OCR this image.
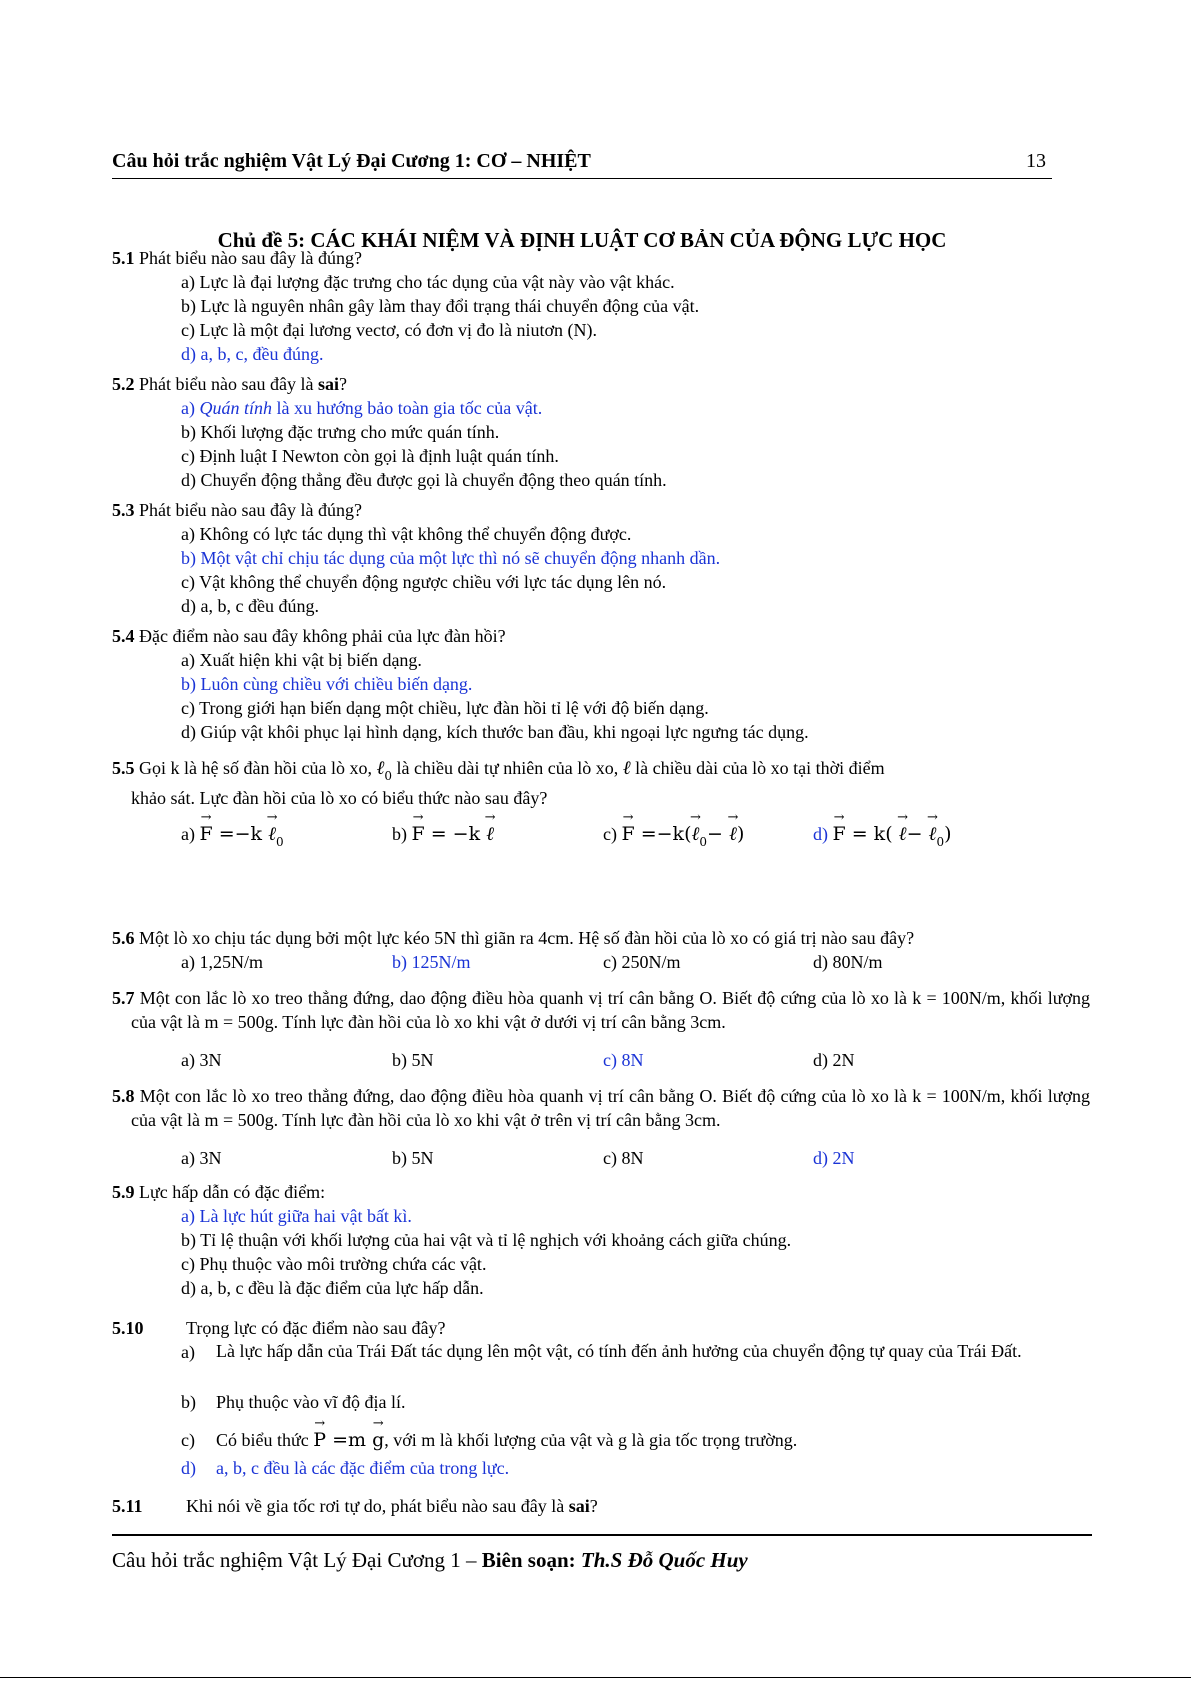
Câu hỏi trắc nghiệm Vật Lý Đại Cương 1: CƠ – NHIỆT	13
Chủ đề 5: CÁC KHÁI NIỆM VÀ ĐỊNH LUẬT CƠ BẢN CỦA ĐỘNG LỰC HỌC
5.1 Phát biểu nào sau đây là đúng?
a) Lực là đại lượng đặc trưng cho tác dụng của vật này vào vật khác.
b) Lực là nguyên nhân gây làm thay đổi trạng thái chuyển động của vật.
c) Lực là một đại lương vectơ, có đơn vị đo là niutơn (N).
d) a, b, c, đều đúng.
5.2 Phát biểu nào sau đây là sai?
a) Quán tính là xu hướng bảo toàn gia tốc của vật.
b) Khối lượng đặc trưng cho mức quán tính.
c) Định luật I Newton còn gọi là định luật quán tính.
d) Chuyển động thẳng đều được gọi là chuyển động theo quán tính.
5.3 Phát biểu nào sau đây là đúng?
a) Không có lực tác dụng thì vật không thể chuyển động được.
b) Một vật chỉ chịu tác dụng của một lực thì nó sẽ chuyển động nhanh dần.
c) Vật không thể chuyển động ngược chiều với lực tác dụng lên nó.
d) a, b, c đều đúng.
5.4 Đặc điểm nào sau đây không phải của lực đàn hồi?
a) Xuất hiện khi vật bị biến dạng.
b) Luôn cùng chiều với chiều biến dạng.
c) Trong giới hạn biến dạng một chiều, lực đàn hồi tỉ lệ với độ biến dạng.
d) Giúp vật khôi phục lại hình dạng, kích thước ban đầu, khi ngoại lực ngưng tác dụng.
5.5 Gọi k là hệ số đàn hồi của lò xo, ℓ$_0$ là chiều dài tự nhiên của lò xo, ℓ là chiều dài của lò xo tại thời điểm
khảo sát. Lực đàn hồi của lò xo có biểu thức nào sau đây?
a) → F =−k → ℓ$_0$	b) → F = −k → ℓ	c) → F =−k(→ ℓ$_0$− → ℓ)	d) → F = k( → ℓ− → ℓ$_0$)
5.6 Một lò xo chịu tác dụng bởi một lực kéo 5N thì giãn ra 4cm. Hệ số đàn hồi của lò xo có giá trị nào sau đây?
a) 1,25N/m	b) 125N/m	c) 250N/m	d) 80N/m
5.7 Một con lắc lò xo treo thẳng đứng, dao động điều hòa quanh vị trí cân bằng O. Biết độ cứng của lò xo là k = 100N/m, khối lượng của vật là m = 500g. Tính lực đàn hồi của lò xo khi vật ở dưới vị trí cân bằng 3cm.
a) 3N	b) 5N	c) 8N	d) 2N
5.8 Một con lắc lò xo treo thẳng đứng, dao động điều hòa quanh vị trí cân bằng O. Biết độ cứng của lò xo là k = 100N/m, khối lượng của vật là m = 500g. Tính lực đàn hồi của lò xo khi vật ở trên vị trí cân bằng 3cm.
a) 3N	b) 5N	c) 8N	d) 2N
5.9 Lực hấp dẫn có đặc điểm:
a) Là lực hút giữa hai vật bất kì.
b) Tỉ lệ thuận với khối lượng của hai vật và tỉ lệ nghịch với khoảng cách giữa chúng.
c) Phụ thuộc vào môi trường chứa các vật.
d) a, b, c đều là đặc điểm của lực hấp dẫn.
5.10 Trọng lực có đặc điểm nào sau đây?
a) Là lực hấp dẫn của Trái Đất tác dụng lên một vật, có tính đến ảnh hưởng của chuyển động tự quay của Trái Đất.
b) Phụ thuộc vào vĩ độ địa lí.
c) Có biểu thức → P =m → g, với m là khối lượng của vật và g là gia tốc trọng trường.
d) a, b, c đều là các đặc điểm của trong lực.
5.11 Khi nói về gia tốc rơi tự do, phát biểu nào sau đây là sai?
Câu hỏi trắc nghiệm Vật Lý Đại Cương 1 – Biên soạn: Th.S Đỗ Quốc Huy
